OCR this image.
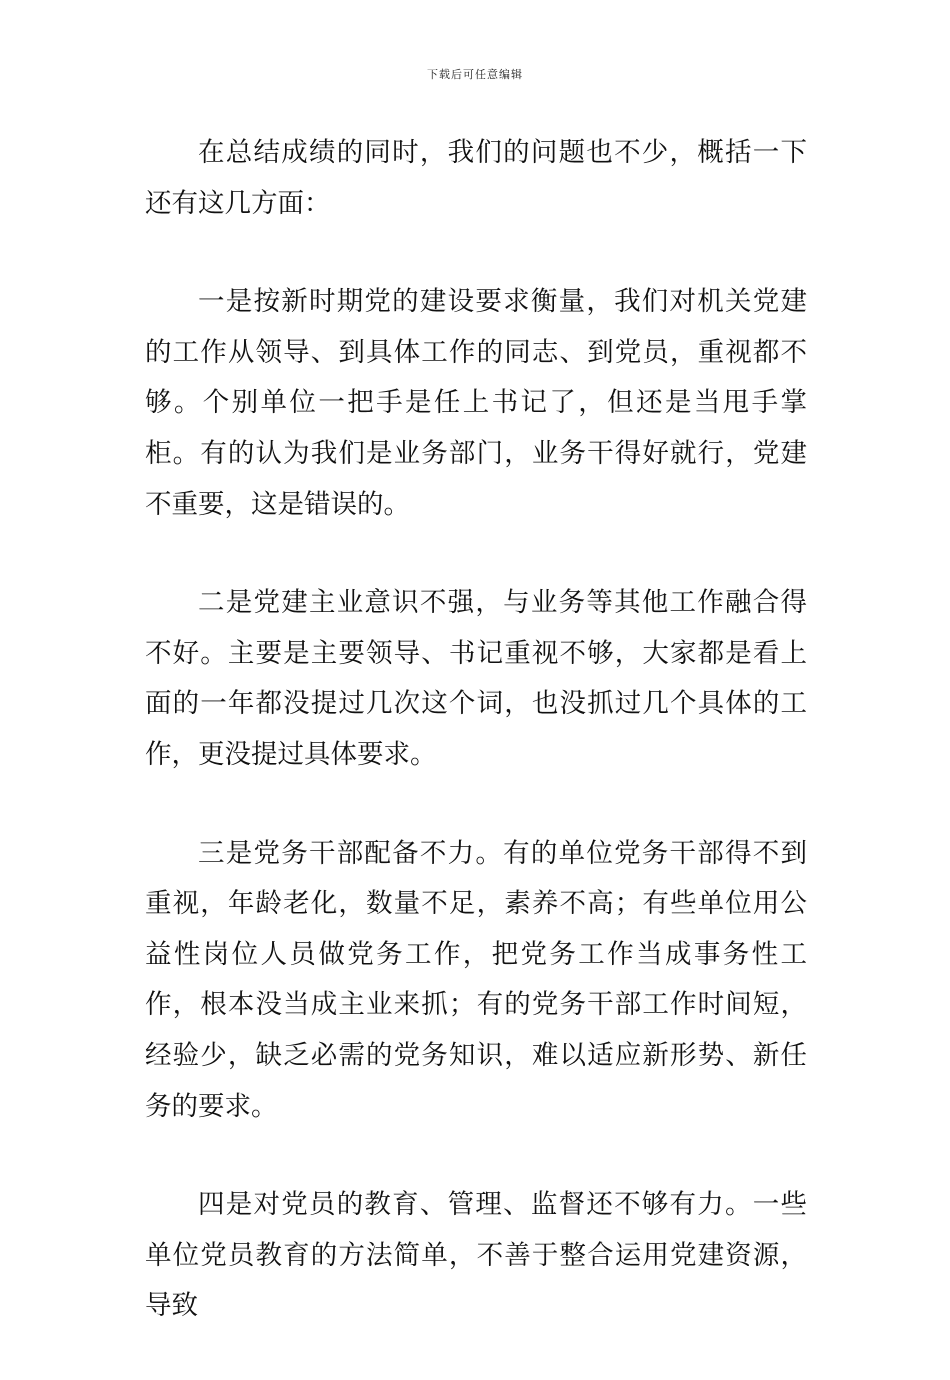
下载后可任意编辑

在总结成绩的同时，我们的问题也不少，概括一下还有这几方面：

一是按新时期党的建设要求衡量，我们对机关党建的工作从领导、到具体工作的同志、到党员，重视都不够。个别单位一把手是任上书记了，但还是当甩手掌柜。有的认为我们是业务部门，业务干得好就行，党建不重要，这是错误的。

二是党建主业意识不强，与业务等其他工作融合得不好。主要是主要领导、书记重视不够，大家都是看上面的一年都没提过几次这个词，也没抓过几个具体的工作，更没提过具体要求。

三是党务干部配备不力。有的单位党务干部得不到重视，年龄老化，数量不足，素养不高；有些单位用公益性岗位人员做党务工作，把党务工作当成事务性工作，根本没当成主业来抓；有的党务干部工作时间短，经验少，缺乏必需的党务知识，难以适应新形势、新任务的要求。

四是对党员的教育、管理、监督还不够有力。一些单位党员教育的方法简单，不善于整合运用党建资源，导致
